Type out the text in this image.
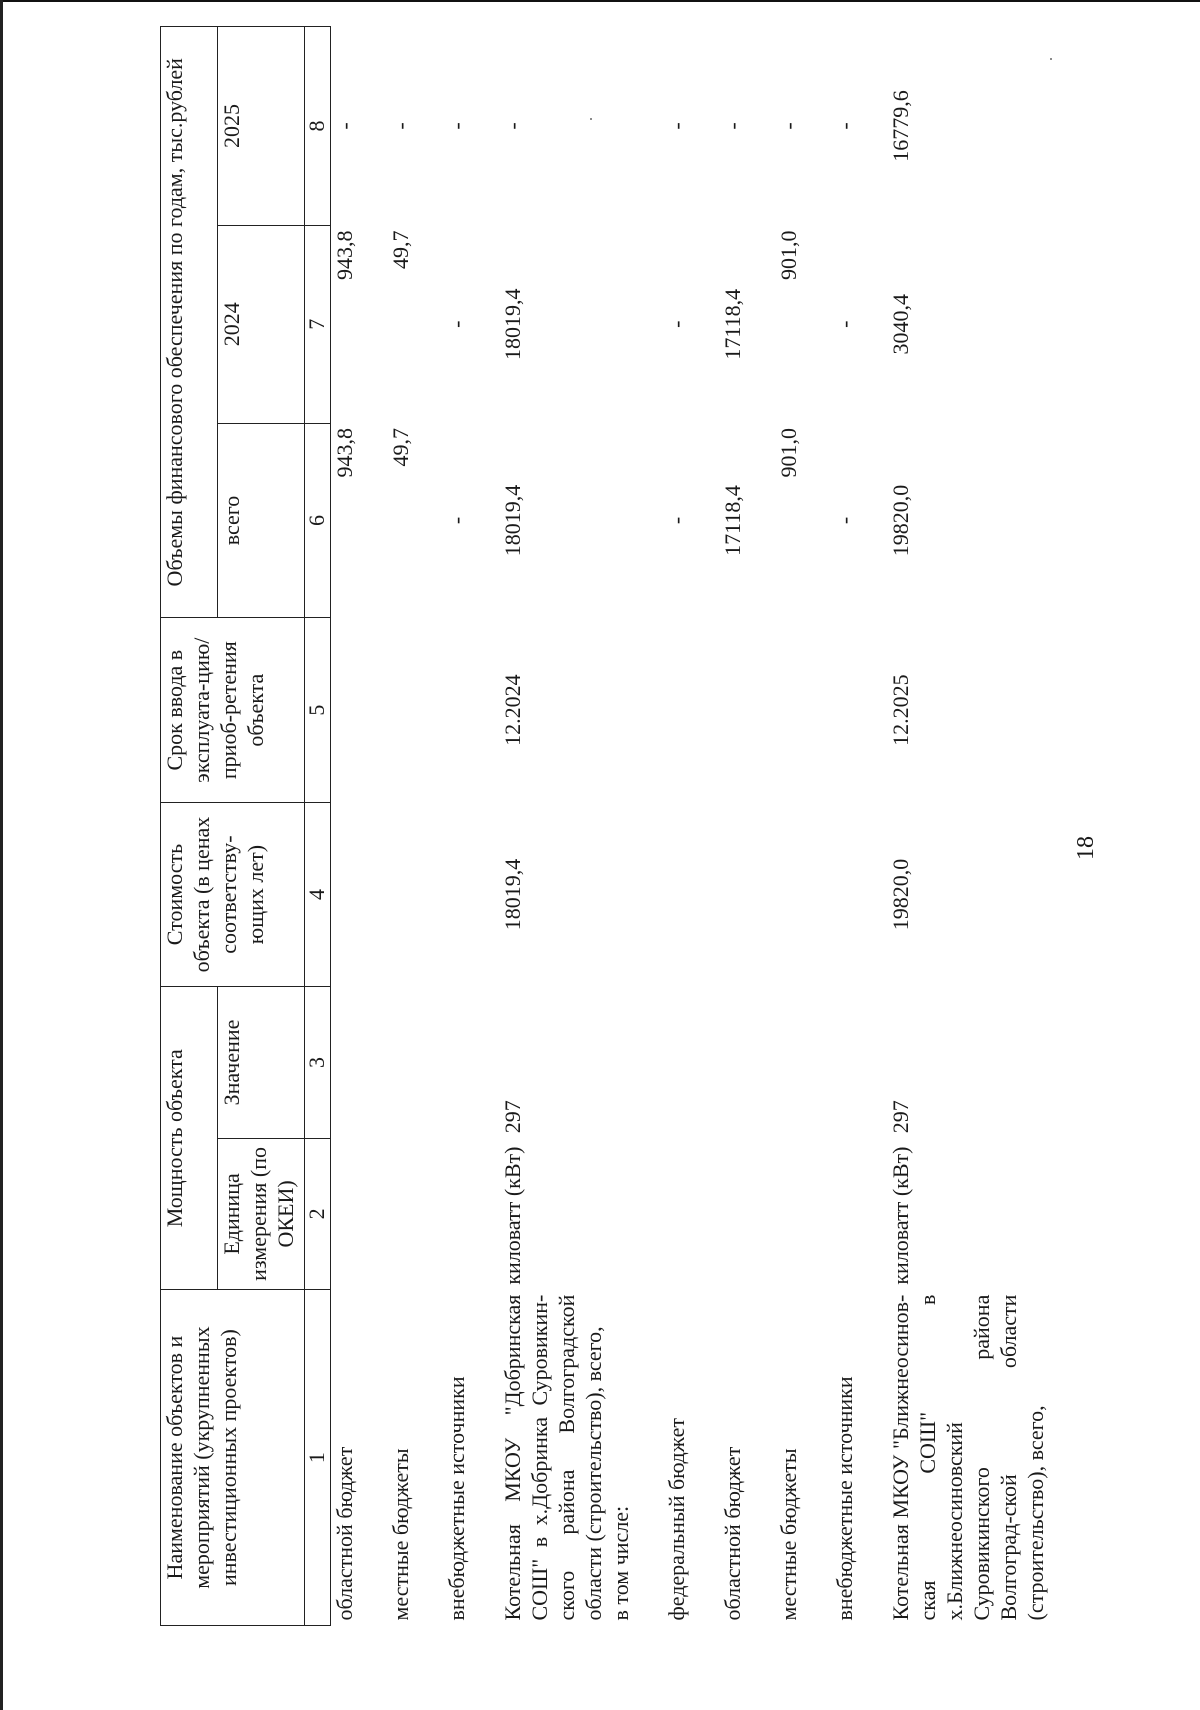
18
Наименование объектов и мероприятий (укрупненных инвестиционных проектов)	Мощность объекта		Стоимость объекта (в ценах соответству-ющих лет)	Срок ввода в эксплуата-цию/приоб-ретения объекта	Объемы финансового обеспечения по годам, тыс.рублей		
	Единица измерения (по ОКЕИ)	Значение			всего	2024	2025
1	2	3	4	5	6	7	8
областной бюджет					943,8	943,8	-
местные бюджеты					49,7	49,7	-
внебюджетные источники					-	-	-
Котельная МКОУ "Добринская СОШ" в х.Добринка Суровикин-ского района Волгоградской области (строительство), всего,	киловатт (кВт)	297	18019,4	12.2024	18019,4	18019,4	-
в том числе:							
федеральный бюджет					-	-	-
областной бюджет					17118,4	17118,4	-
местные бюджеты					901,0	901,0	-
внебюджетные источники					-	-	-
Котельная МКОУ "Ближнеосинов-ская СОШ" в х.Ближнеосиновский Суровикинского района Волгоград-ской области (строительство), всего,	киловатт (кВт)	297	19820,0	12.2025	19820,0	3040,4	16779,6
